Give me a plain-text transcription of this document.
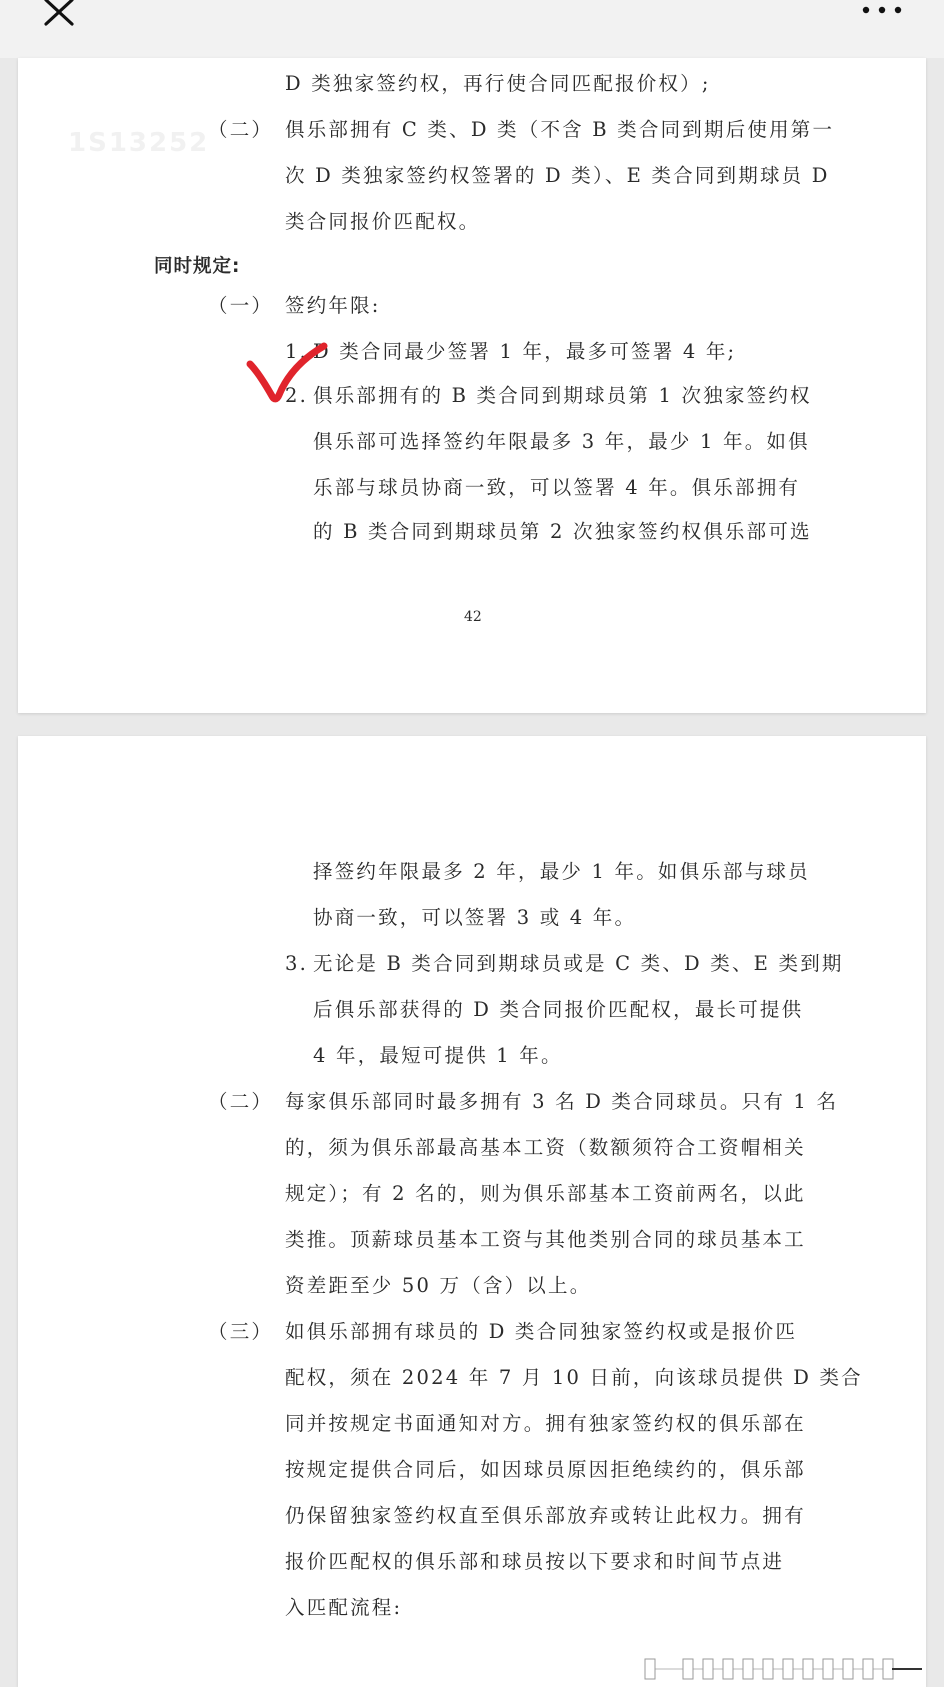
1S13252
D 类独家签约权，再行使合同匹配报价权）;
（二） 俱乐部拥有 C 类、D 类（不含 B 类合同到期后使用第一
次 D 类独家签约权签署的 D 类）、E 类合同到期球员 D
类合同报价匹配权。
同时规定:
（一） 签约年限:
1. D 类合同最少签署 1 年，最多可签署 4 年;
2. 俱乐部拥有的 B 类合同到期球员第 1 次独家签约权
俱乐部可选择签约年限最多 3 年，最少 1 年。如俱
乐部与球员协商一致，可以签署 4 年。俱乐部拥有
的 B 类合同到期球员第 2 次独家签约权俱乐部可选
42
择签约年限最多 2 年，最少 1 年。如俱乐部与球员
协商一致，可以签署 3 或 4 年。
3. 无论是 B 类合同到期球员或是 C 类、D 类、E 类到期
后俱乐部获得的 D 类合同报价匹配权，最长可提供
4 年，最短可提供 1 年。
（二） 每家俱乐部同时最多拥有 3 名 D 类合同球员。只有 1 名
的，须为俱乐部最高基本工资（数额须符合工资帽相关
规定）；有 2 名的，则为俱乐部基本工资前两名，以此
类推。顶薪球员基本工资与其他类别合同的球员基本工
资差距至少 50 万（含）以上。
（三） 如俱乐部拥有球员的 D 类合同独家签约权或是报价匹
配权，须在 2024 年 7 月 10 日前，向该球员提供 D 类合
同并按规定书面通知对方。拥有独家签约权的俱乐部在
按规定提供合同后，如因球员原因拒绝续约的，俱乐部
仍保留独家签约权直至俱乐部放弃或转让此权力。拥有
报价匹配权的俱乐部和球员按以下要求和时间节点进
入匹配流程:
